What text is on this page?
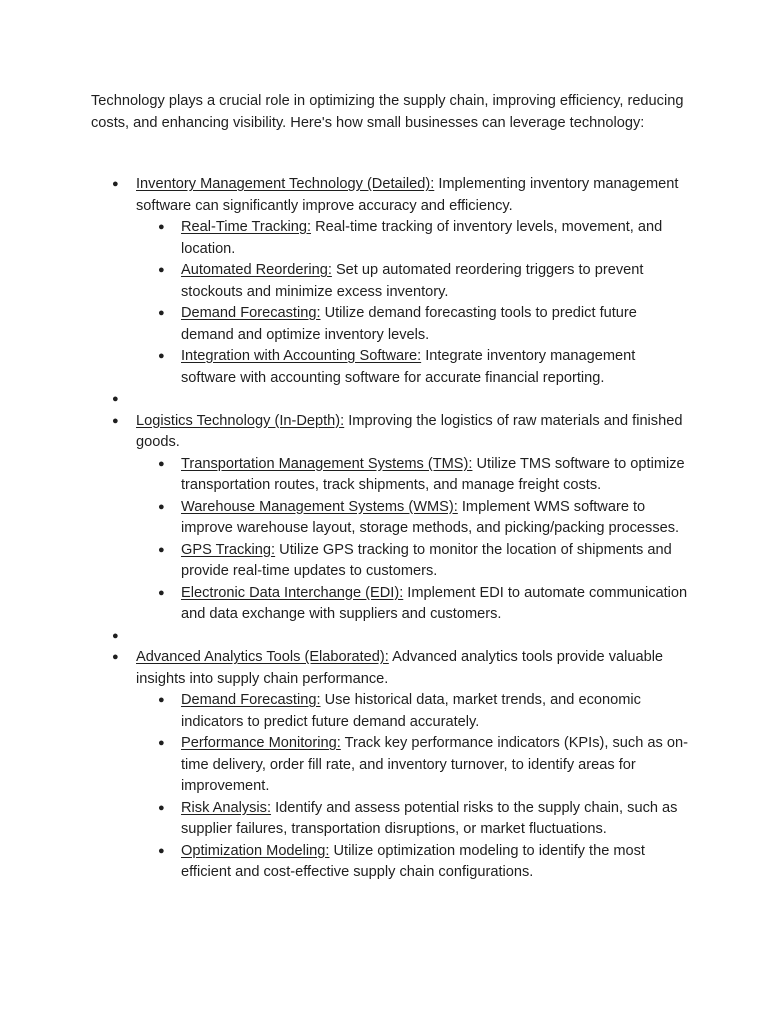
Technology plays a crucial role in optimizing the supply chain, improving efficiency, reducing costs, and enhancing visibility. Here's how small businesses can leverage technology:

● Inventory Management Technology (Detailed): Implementing inventory management software can significantly improve accuracy and efficiency.
● Real-Time Tracking: Real-time tracking of inventory levels, movement, and location.
● Automated Reordering: Set up automated reordering triggers to prevent stockouts and minimize excess inventory.
● Demand Forecasting: Utilize demand forecasting tools to predict future demand and optimize inventory levels.
● Integration with Accounting Software: Integrate inventory management software with accounting software for accurate financial reporting.
●
● Logistics Technology (In-Depth): Improving the logistics of raw materials and finished goods.
● Transportation Management Systems (TMS): Utilize TMS software to optimize transportation routes, track shipments, and manage freight costs.
● Warehouse Management Systems (WMS): Implement WMS software to improve warehouse layout, storage methods, and picking/packing processes.
● GPS Tracking: Utilize GPS tracking to monitor the location of shipments and provide real-time updates to customers.
● Electronic Data Interchange (EDI): Implement EDI to automate communication and data exchange with suppliers and customers.
●
● Advanced Analytics Tools (Elaborated): Advanced analytics tools provide valuable insights into supply chain performance.
● Demand Forecasting: Use historical data, market trends, and economic indicators to predict future demand accurately.
● Performance Monitoring: Track key performance indicators (KPIs), such as on-time delivery, order fill rate, and inventory turnover, to identify areas for improvement.
● Risk Analysis: Identify and assess potential risks to the supply chain, such as supplier failures, transportation disruptions, or market fluctuations.
● Optimization Modeling: Utilize optimization modeling to identify the most efficient and cost-effective supply chain configurations.
